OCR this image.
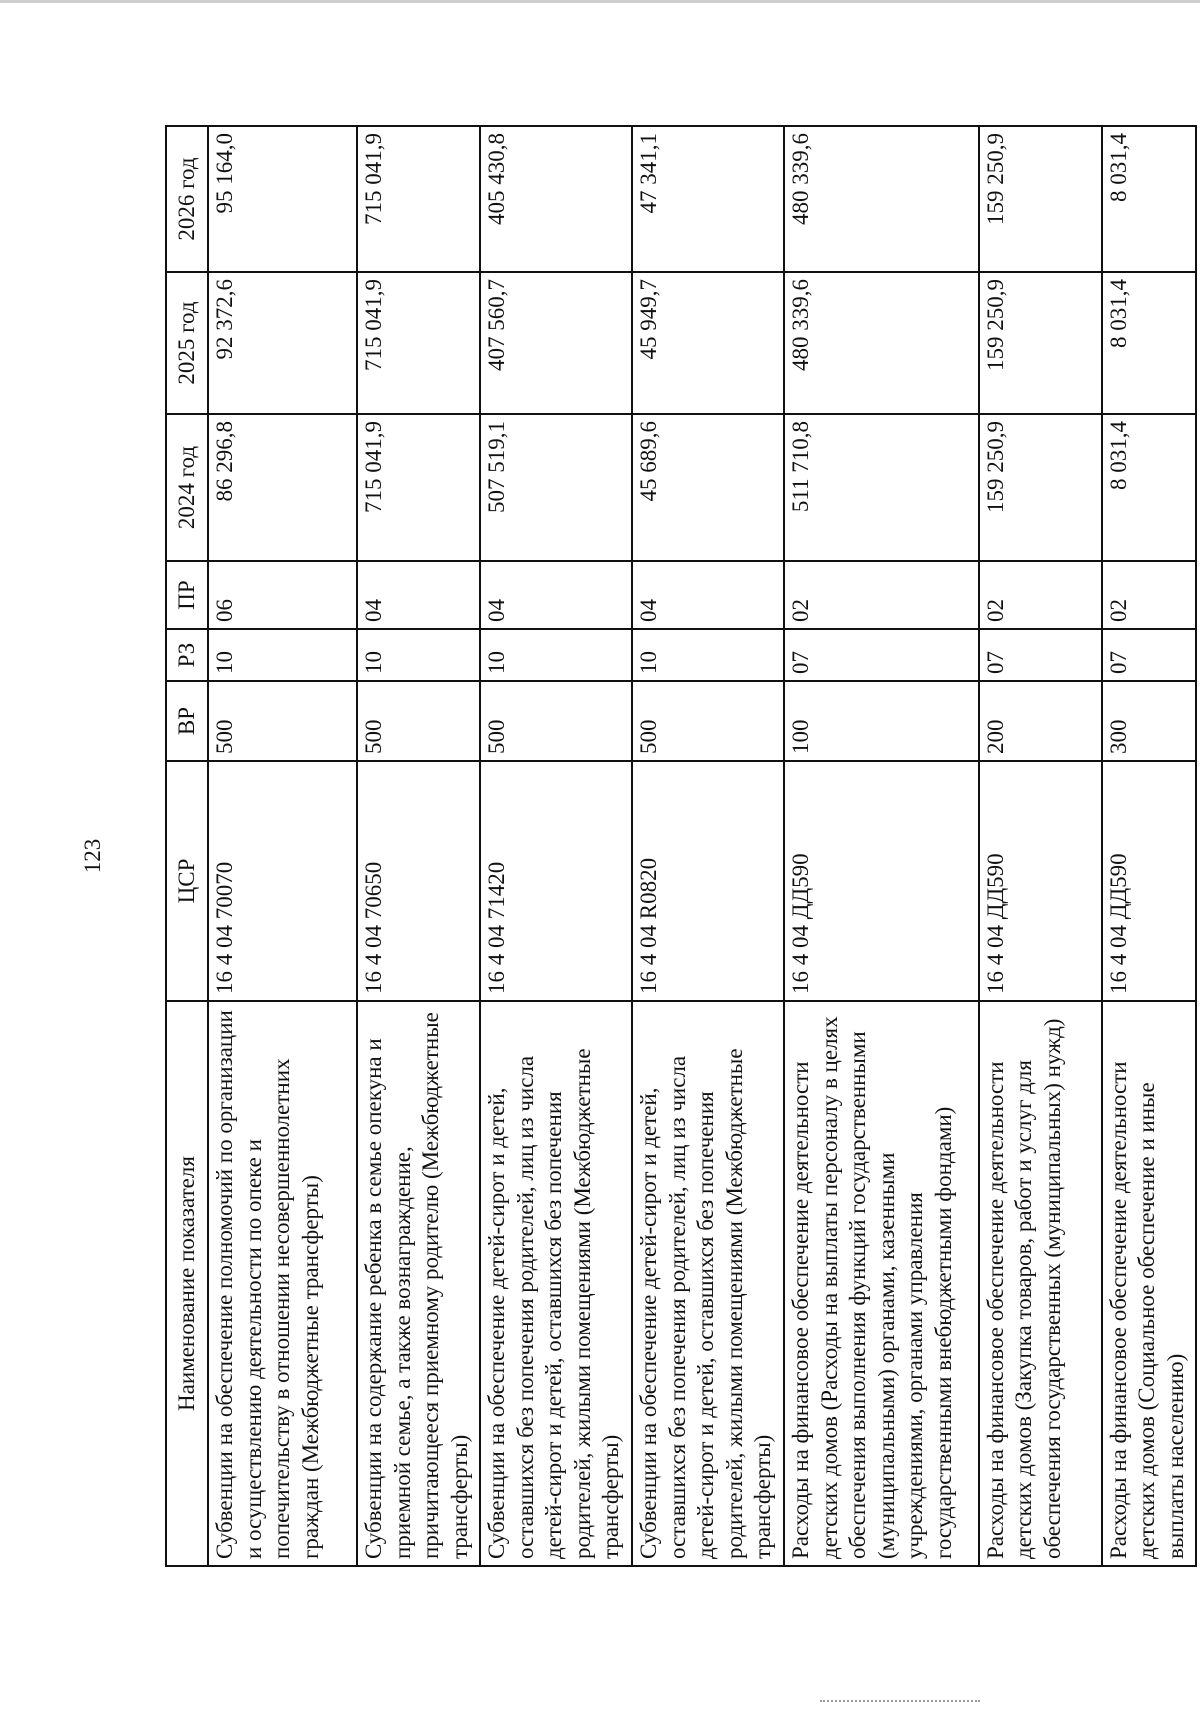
123
Наименование показателя	ЦСР	ВР	РЗ	ПР	2024 год	2025 год	2026 год
Субвенции на обеспечение полномочий по организации и осуществлению деятельности по опеке и попечительству в отношении несовершеннолетних граждан (Межбюджетные трансферты)	16 4 04 70070	500	10	06	86 296,8	92 372,6	95 164,0
Субвенции на содержание ребенка в семье опекуна и приемной семье, а также вознаграждение, причитающееся приемному родителю (Межбюджетные трансферты)	16 4 04 70650	500	10	04	715 041,9	715 041,9	715 041,9
Субвенции на обеспечение детей-сирот и детей, оставшихся без попечения родителей, лиц из числа детей-сирот и детей, оставшихся без попечения родителей, жилыми помещениями (Межбюджетные трансферты)	16 4 04 71420	500	10	04	507 519,1	407 560,7	405 430,8
Субвенции на обеспечение детей-сирот и детей, оставшихся без попечения родителей, лиц из числа детей-сирот и детей, оставшихся без попечения родителей, жилыми помещениями (Межбюджетные трансферты)	16 4 04 R0820	500	10	04	45 689,6	45 949,7	47 341,1
Расходы на финансовое обеспечение деятельности детских домов (Расходы на выплаты персоналу в целях обеспечения выполнения функций государственными (муниципальными) органами, казенными учреждениями, органами управления государственными внебюджетными фондами)	16 4 04 ДД590	100	07	02	511 710,8	480 339,6	480 339,6
Расходы на финансовое обеспечение деятельности детских домов (Закупка товаров, работ и услуг для обеспечения государственных (муниципальных) нужд)	16 4 04 ДД590	200	07	02	159 250,9	159 250,9	159 250,9
Расходы на финансовое обеспечение деятельности детских домов (Социальное обеспечение и иные выплаты населению)	16 4 04 ДД590	300	07	02	8 031,4	8 031,4	8 031,4
